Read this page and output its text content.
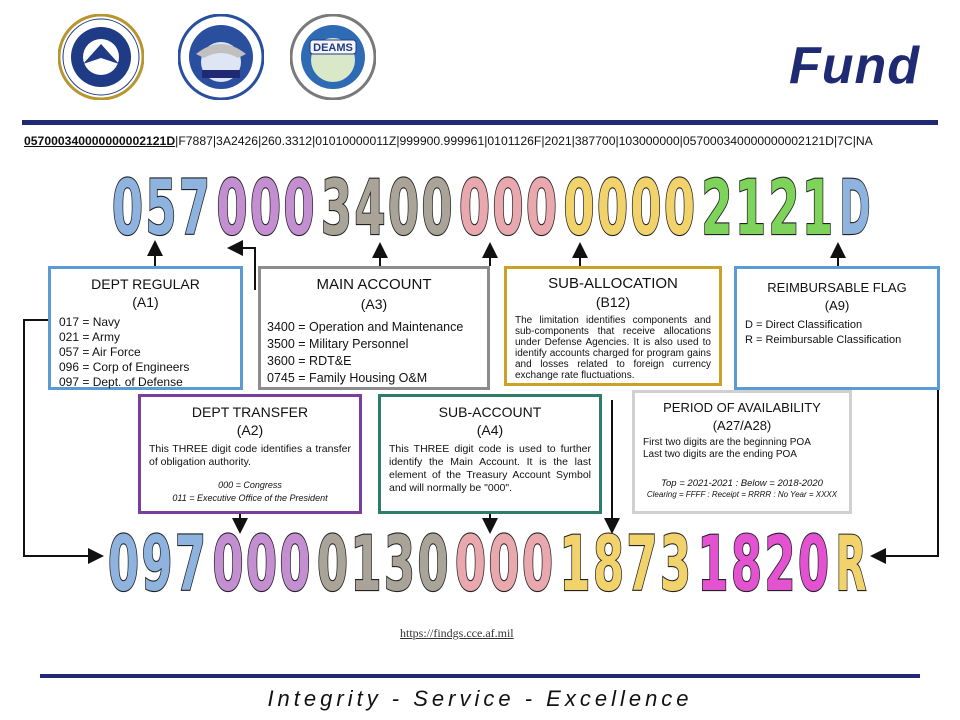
DEAMS	Fund
057000340000000002121D|F7887|3A2426|260.3312|01010000011Z|999900.999961|0101126F|2021|387700|103000000|057000340000000002121D|7C|NA
0 5 7 0 0 0 3 4 0 0 0 0 0 0 0 0 0 2 1 2 1 D
0 9 7 0 0 0 0 1 3 0 0 0 0 1 8 7 3 1 8 2 0 R
DEPT REGULAR
(A1)
017 = Navy
021 = Army
057 = Air Force
096 = Corp of Engineers
097 = Dept. of Defense
MAIN ACCOUNT
(A3)
3400 = Operation and Maintenance
3500 = Military Personnel
3600 = RDT&E
0745 = Family Housing O&M
SUB-ALLOCATION
(B12)
The limitation identifies components and sub-components that receive allocations under Defense Agencies. It is also used to identify accounts charged for program gains and losses related to foreign currency exchange rate fluctuations.
REIMBURSABLE FLAG
(A9)
D = Direct Classification
R = Reimbursable Classification
DEPT TRANSFER
(A2)
This THREE digit code identifies a transfer of obligation authority.
000 = Congress
011 = Executive Office of the President
SUB-ACCOUNT
(A4)
This THREE digit code is used to further identify the Main Account. It is the last element of the Treasury Account Symbol and will normally be "000".
PERIOD OF AVAILABILITY
(A27/A28)
First two digits are the beginning POA
Last two digits are the ending POA
Top = 2021-2021 : Below = 2018-2020
Clearing = FFFF : Receipt = RRRR : No Year = XXXX
https://findgs.cce.af.mil
Integrity - Service - Excellence
